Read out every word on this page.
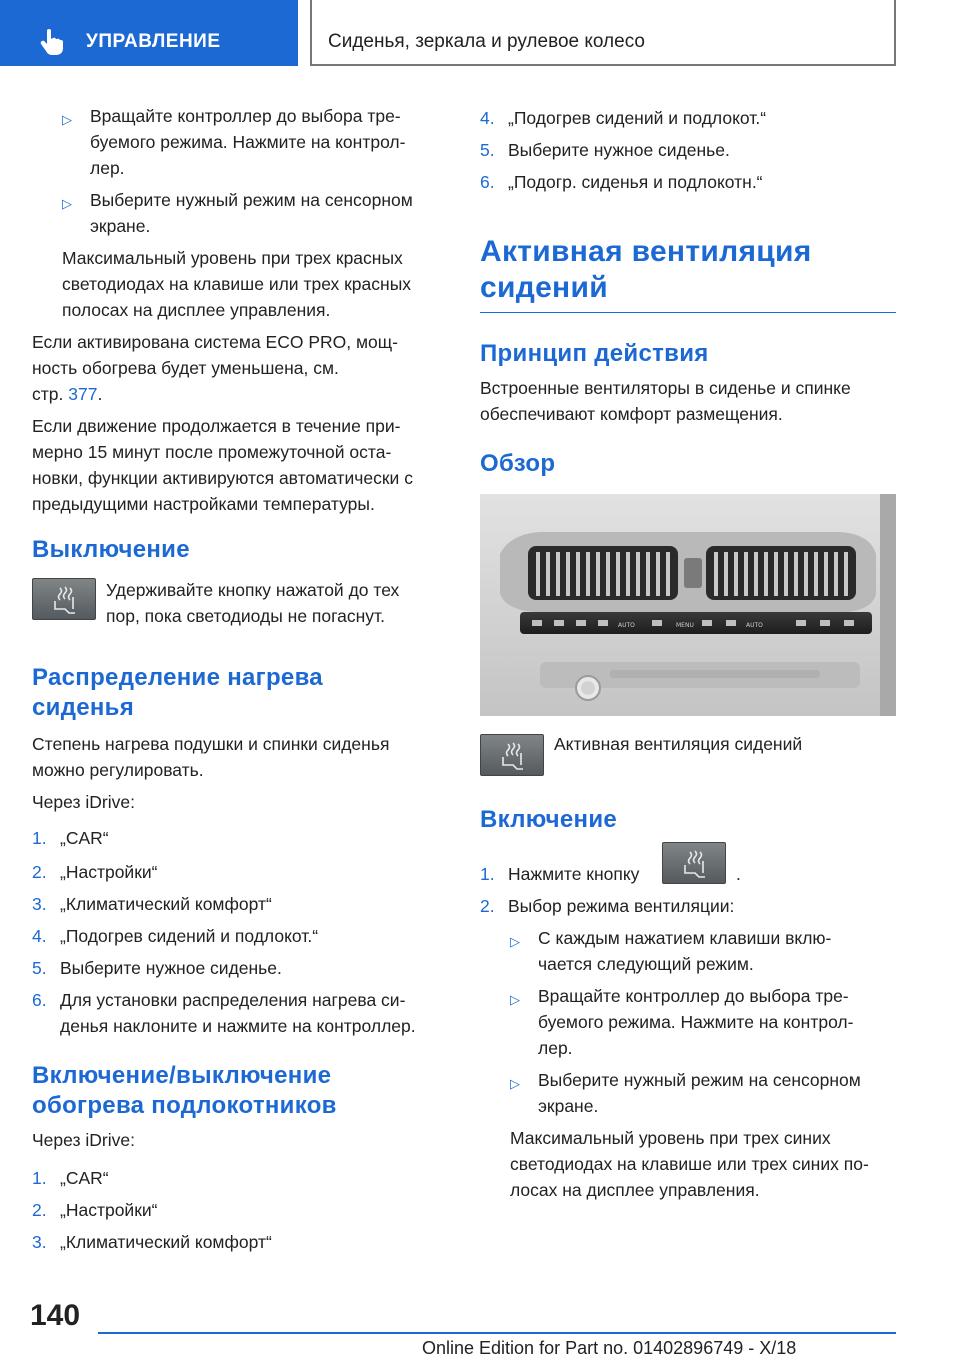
УПРАВЛЕНИЕ	Сиденья, зеркала и рулевое колесо
▷ Вращайте контроллер до выбора тре-
буемого режима. Нажмите на контрол-
лер.
▷ Выберите нужный режим на сенсорном
экране.
Максимальный уровень при трех красных
светодиодах на клавише или трех красных
полосах на дисплее управления.
Если активирована система ECO PRO, мощ-
ность обогрева будет уменьшена, см.
стр. 377.
Если движение продолжается в течение при-
мерно 15 минут после промежуточной оста-
новки, функции активируются автоматически с
предыдущими настройками температуры.
Выключение
Удерживайте кнопку нажатой до тех
пор, пока светодиоды не погаснут.
Распределение нагрева
сиденья
Степень нагрева подушки и спинки сиденья
можно регулировать.
Через iDrive:
1. „CAR“
2. „Настройки“
3. „Климатический комфорт“
4. „Подогрев сидений и подлокот.“
5. Выберите нужное сиденье.
6. Для установки распределения нагрева си-
денья наклоните и нажмите на контроллер.
Включение/выключение
обогрева подлокотников
Через iDrive:
1. „CAR“
2. „Настройки“
3. „Климатический комфорт“
4. „Подогрев сидений и подлокот.“
5. Выберите нужное сиденье.
6. „Подогр. сиденья и подлокотн.“
Активная вентиляция
сидений
Принцип действия
Встроенные вентиляторы в сиденье и спинке
обеспечивают комфорт размещения.
Обзор
AUTO	MENU	AUTO
Активная вентиляция сидений
Включение
1. Нажмите кнопку	.
2. Выбор режима вентиляции:
▷ С каждым нажатием клавиши вклю-
чается следующий режим.
▷ Вращайте контроллер до выбора тре-
буемого режима. Нажмите на контрол-
лер.
▷ Выберите нужный режим на сенсорном
экране.
Максимальный уровень при трех синих
светодиодах на клавише или трех синих по-
лосах на дисплее управления.
140
Online Edition for Part no. 01402896749 - X/18
